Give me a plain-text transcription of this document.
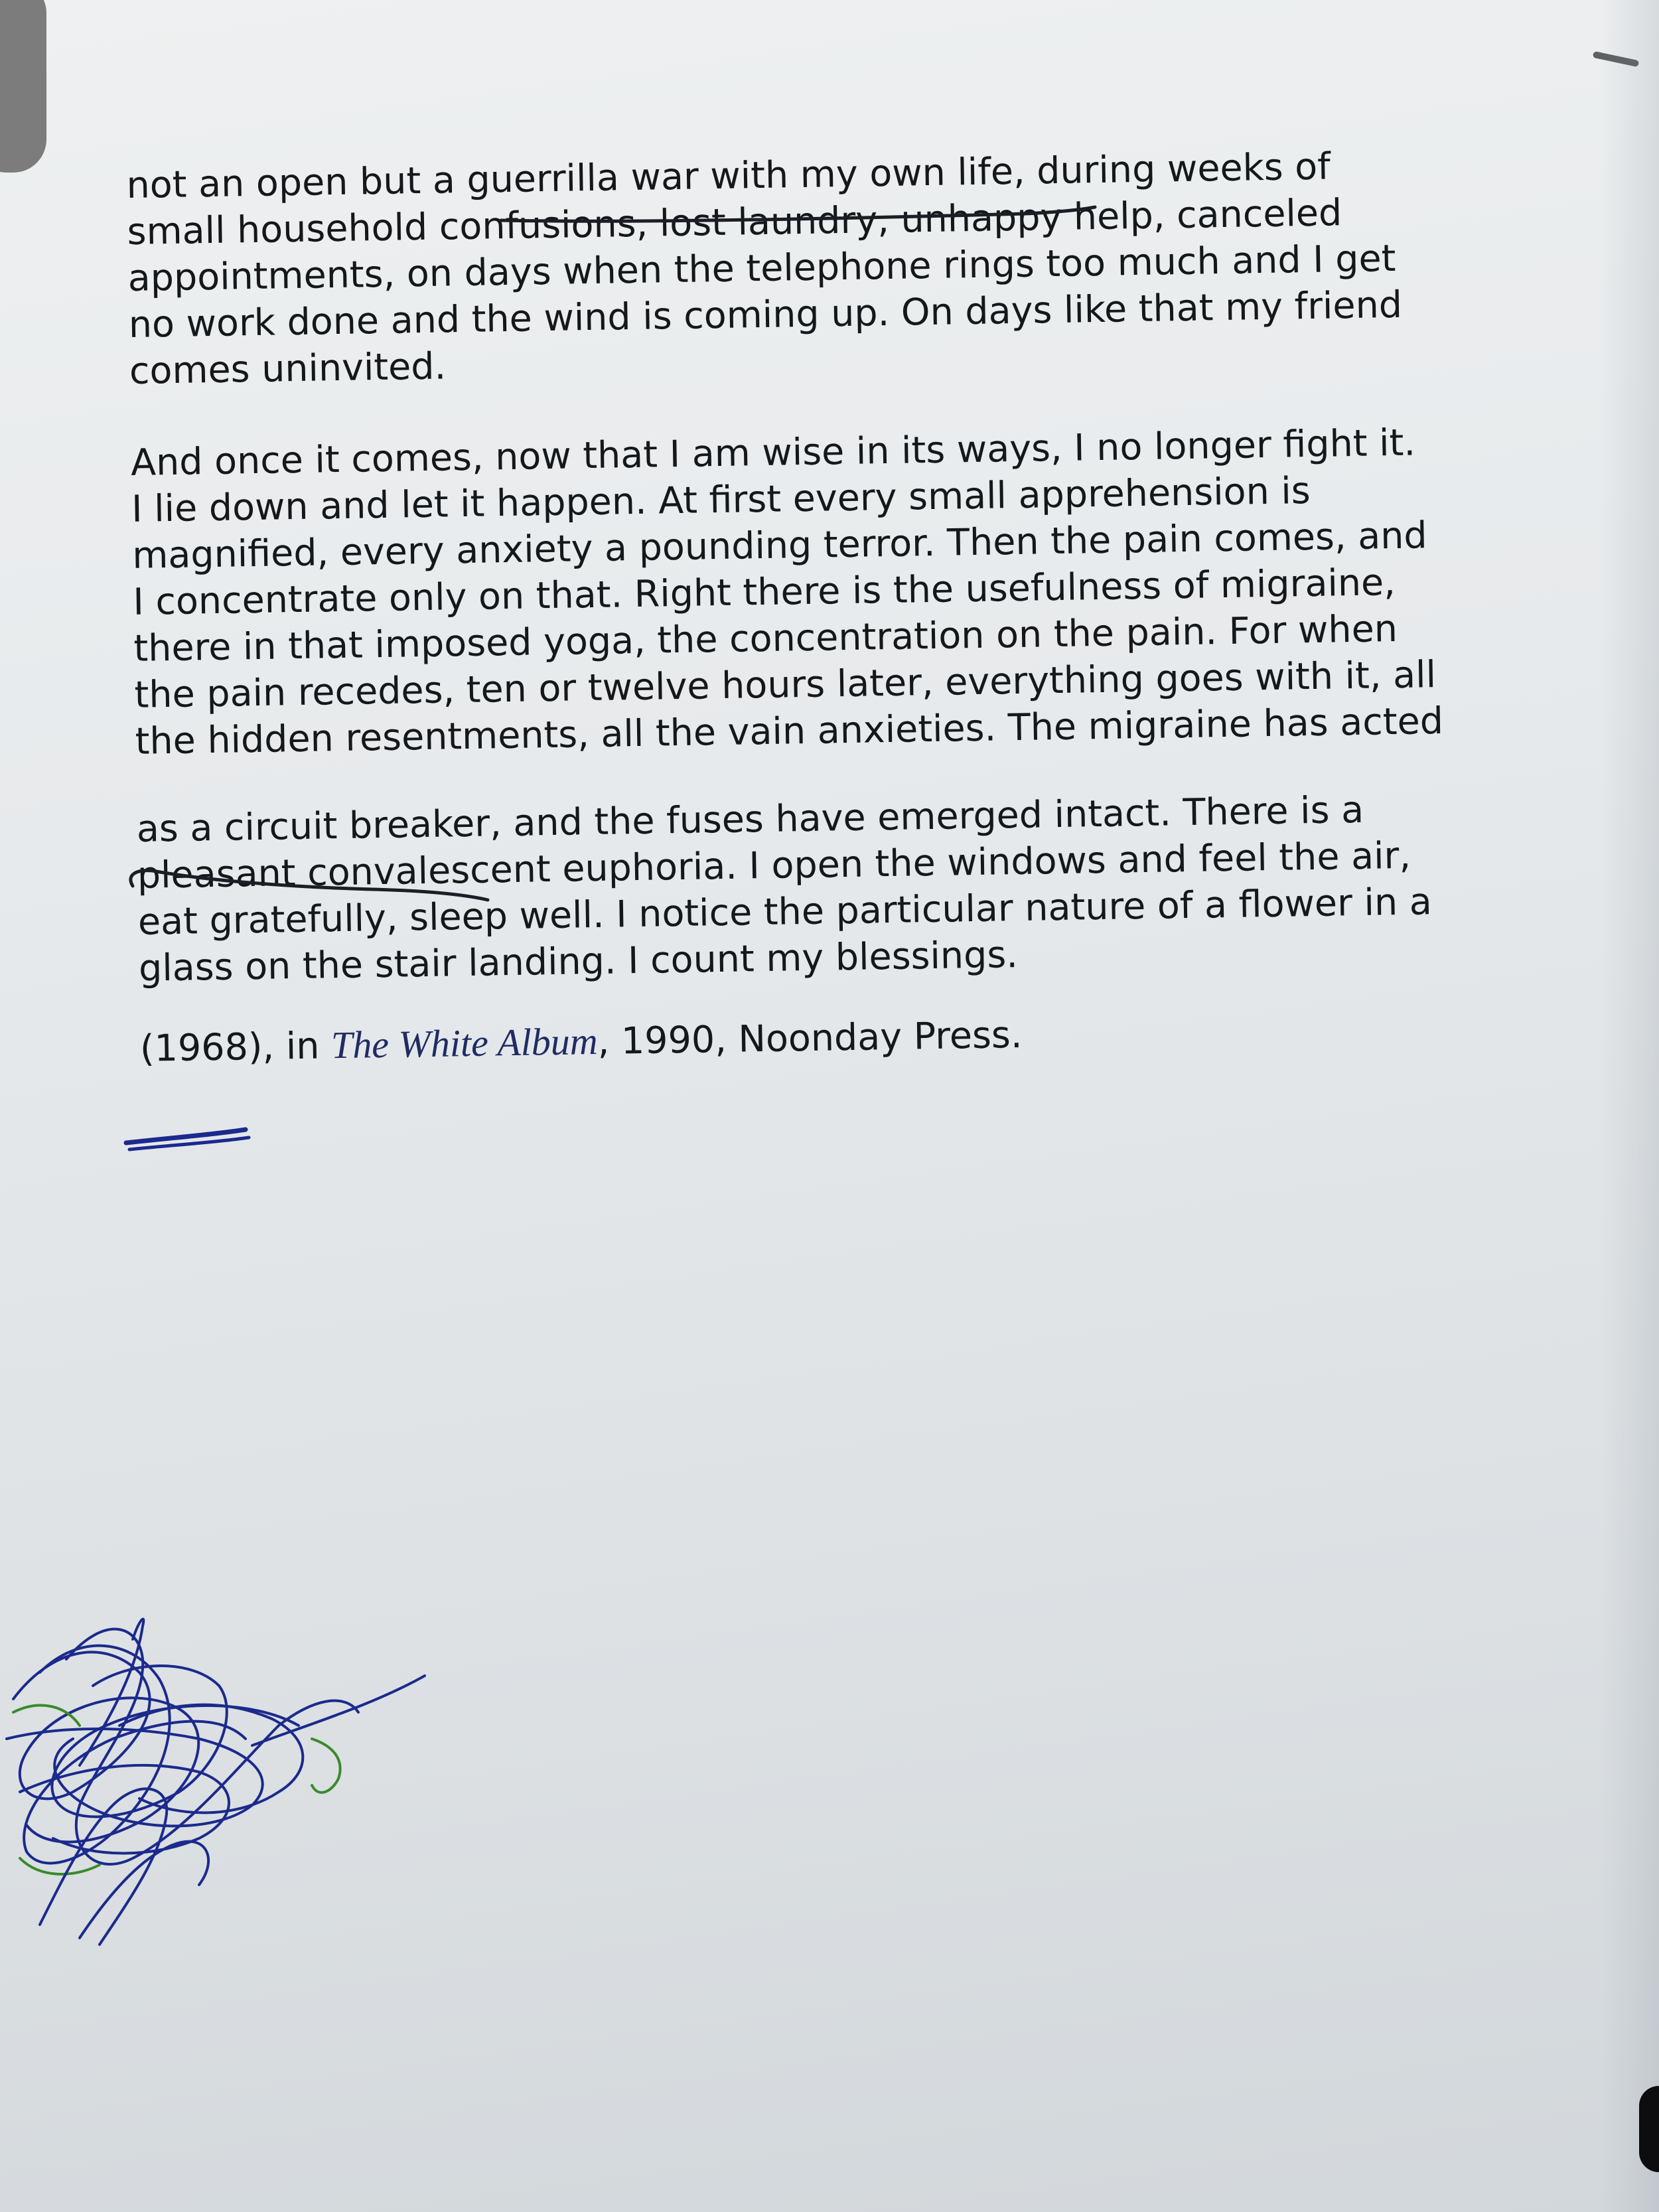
not an open but a guerrilla war with my own life, during weeks of
small household confusions, lost laundry, unhappy help, canceled
appointments, on days when the telephone rings too much and I get
no work done and the wind is coming up. On days like that my friend
comes uninvited.
And once it comes, now that I am wise in its ways, I no longer fight it.
I lie down and let it happen. At first every small apprehension is
magnified, every anxiety a pounding terror. Then the pain comes, and
I concentrate only on that. Right there is the usefulness of migraine,
there in that imposed yoga, the concentration on the pain. For when
the pain recedes, ten or twelve hours later, everything goes with it, all
the hidden resentments, all the vain anxieties. The migraine has acted
as a circuit breaker, and the fuses have emerged intact. There is a
pleasant convalescent euphoria. I open the windows and feel the air,
eat gratefully, sleep well. I notice the particular nature of a flower in a
glass on the stair landing. I count my blessings.
(1968), in The White Album, 1990, Noonday Press.
